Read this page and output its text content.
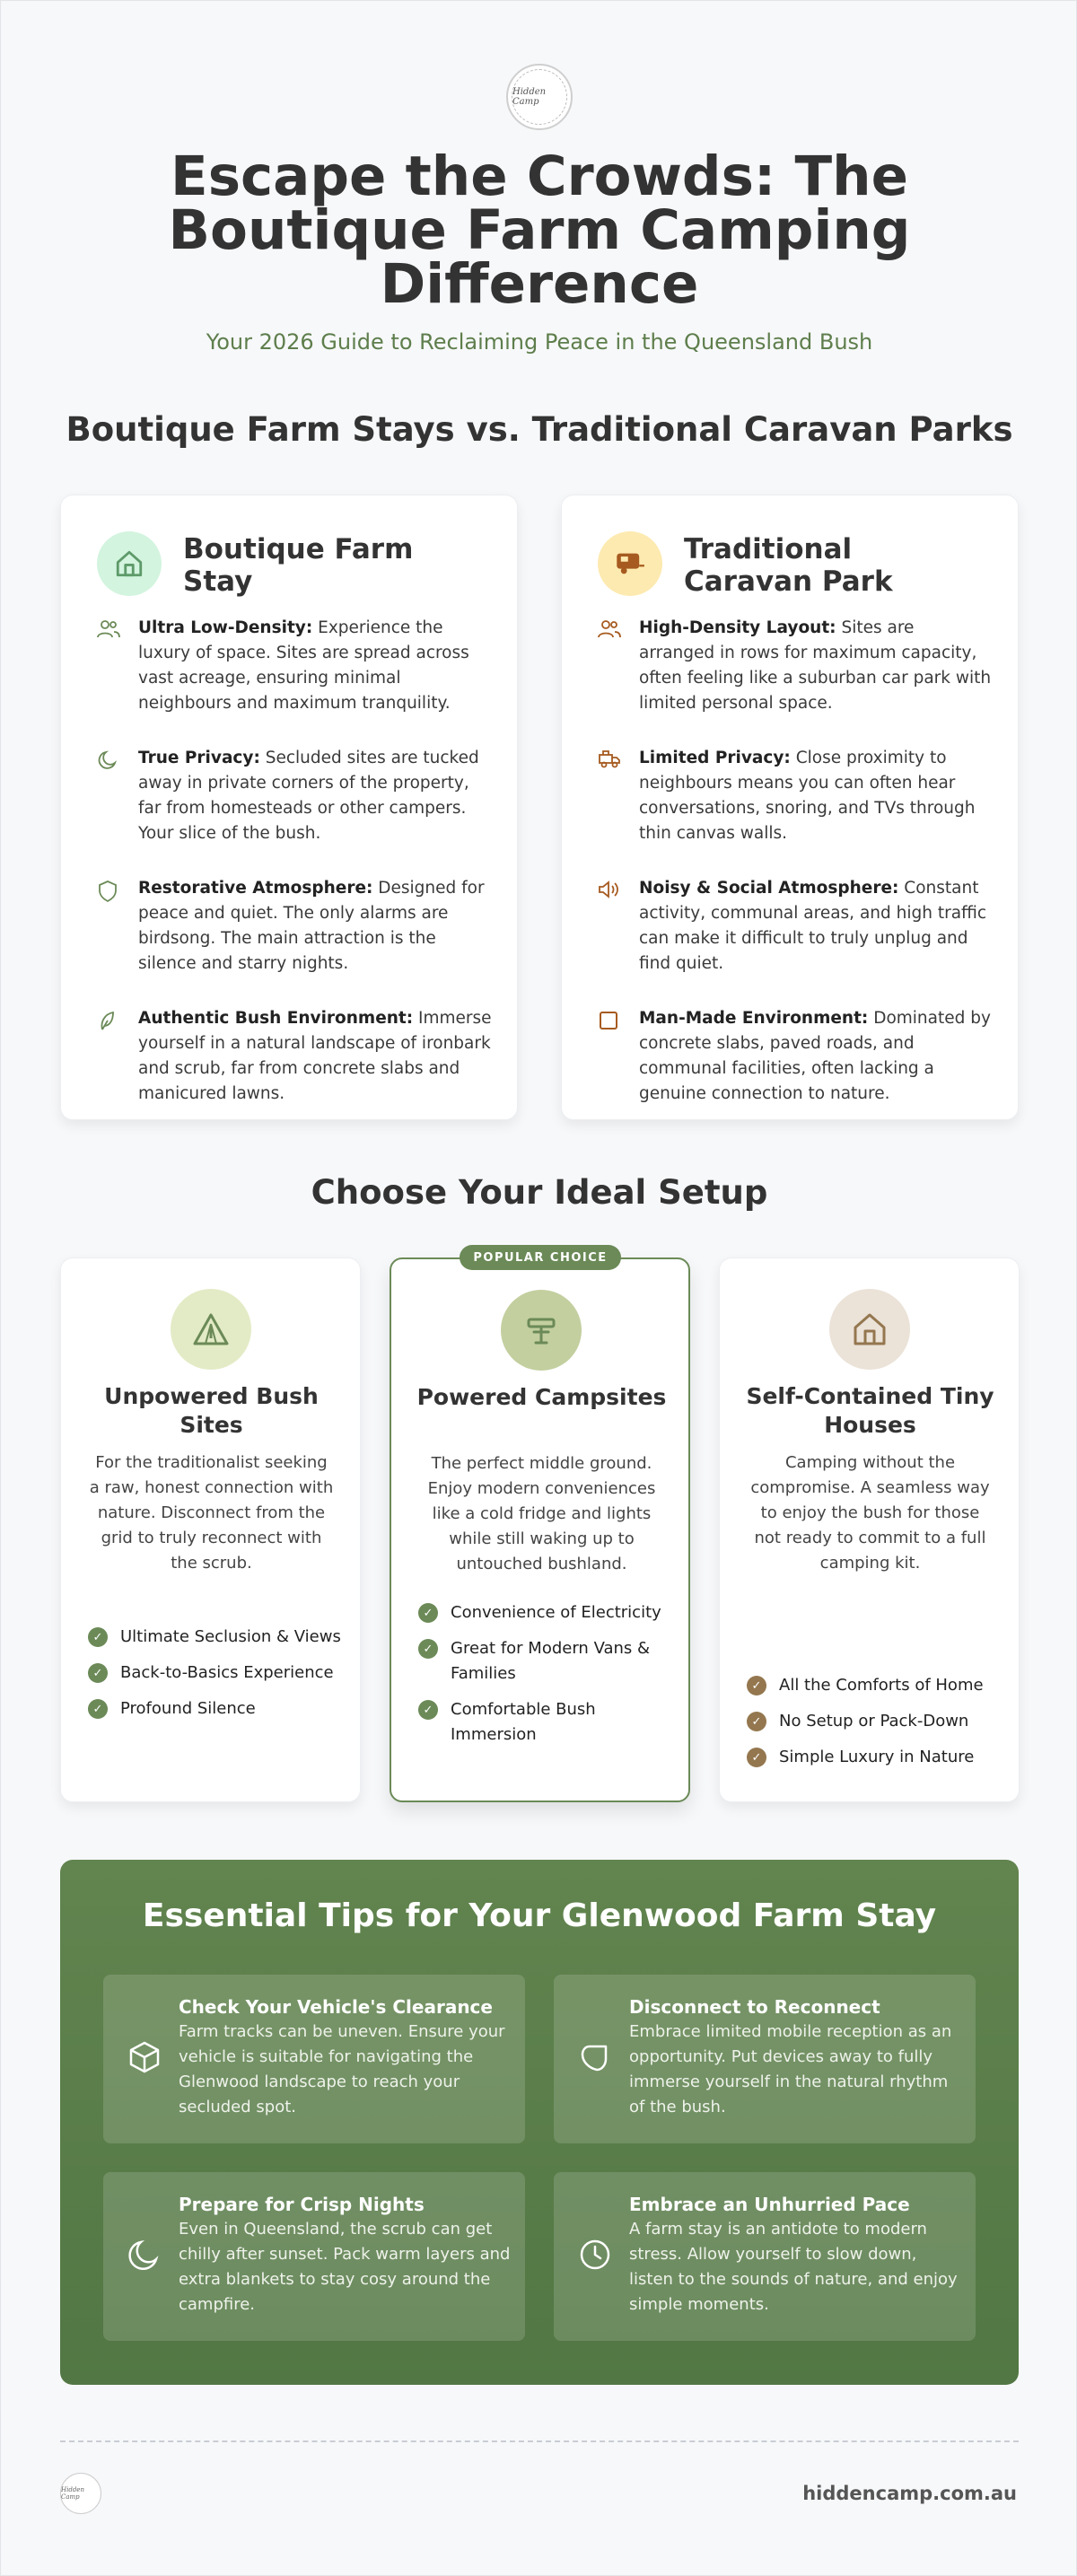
Hidden Camp
Escape the Crowds: The Boutique Farm Camping Difference
Your 2026 Guide to Reclaiming Peace in the Queensland Bush
Boutique Farm Stays vs. Traditional Caravan Parks
Boutique Farm Stay
Ultra Low-Density: Experience the luxury of space. Sites are spread across vast acreage, ensuring minimal neighbours and maximum tranquility.
True Privacy: Secluded sites are tucked away in private corners of the property, far from homesteads or other campers. Your slice of the bush.
Restorative Atmosphere: Designed for peace and quiet. The only alarms are birdsong. The main attraction is the silence and starry nights.
Authentic Bush Environment: Immerse yourself in a natural landscape of ironbark and scrub, far from concrete slabs and manicured lawns.
Traditional Caravan Park
High-Density Layout: Sites are arranged in rows for maximum capacity, often feeling like a suburban car park with limited personal space.
Limited Privacy: Close proximity to neighbours means you can often hear conversations, snoring, and TVs through thin canvas walls.
Noisy & Social Atmosphere: Constant activity, communal areas, and high traffic can make it difficult to truly unplug and find quiet.
Man-Made Environment: Dominated by concrete slabs, paved roads, and communal facilities, often lacking a genuine connection to nature.
Choose Your Ideal Setup
Unpowered Bush Sites
For the traditionalist seeking a raw, honest connection with nature. Disconnect from the grid to truly reconnect with the scrub.
✓ Ultimate Seclusion & Views
✓ Back-to-Basics Experience
✓ Profound Silence
POPULAR CHOICE
Powered Campsites
The perfect middle ground. Enjoy modern conveniences like a cold fridge and lights while still waking up to untouched bushland.
✓ Convenience of Electricity
✓ Great for Modern Vans & Families
✓ Comfortable Bush Immersion
Self-Contained Tiny Houses
Camping without the compromise. A seamless way to enjoy the bush for those not ready to commit to a full camping kit.
✓ All the Comforts of Home
✓ No Setup or Pack-Down
✓ Simple Luxury in Nature
Essential Tips for Your Glenwood Farm Stay
Check Your Vehicle's Clearance
Farm tracks can be uneven. Ensure your vehicle is suitable for navigating the Glenwood landscape to reach your secluded spot.
Disconnect to Reconnect
Embrace limited mobile reception as an opportunity. Put devices away to fully immerse yourself in the natural rhythm of the bush.
Prepare for Crisp Nights
Even in Queensland, the scrub can get chilly after sunset. Pack warm layers and extra blankets to stay cosy around the campfire.
Embrace an Unhurried Pace
A farm stay is an antidote to modern stress. Allow yourself to slow down, listen to the sounds of nature, and enjoy simple moments.
Hidden Camp	hiddencamp.com.au
